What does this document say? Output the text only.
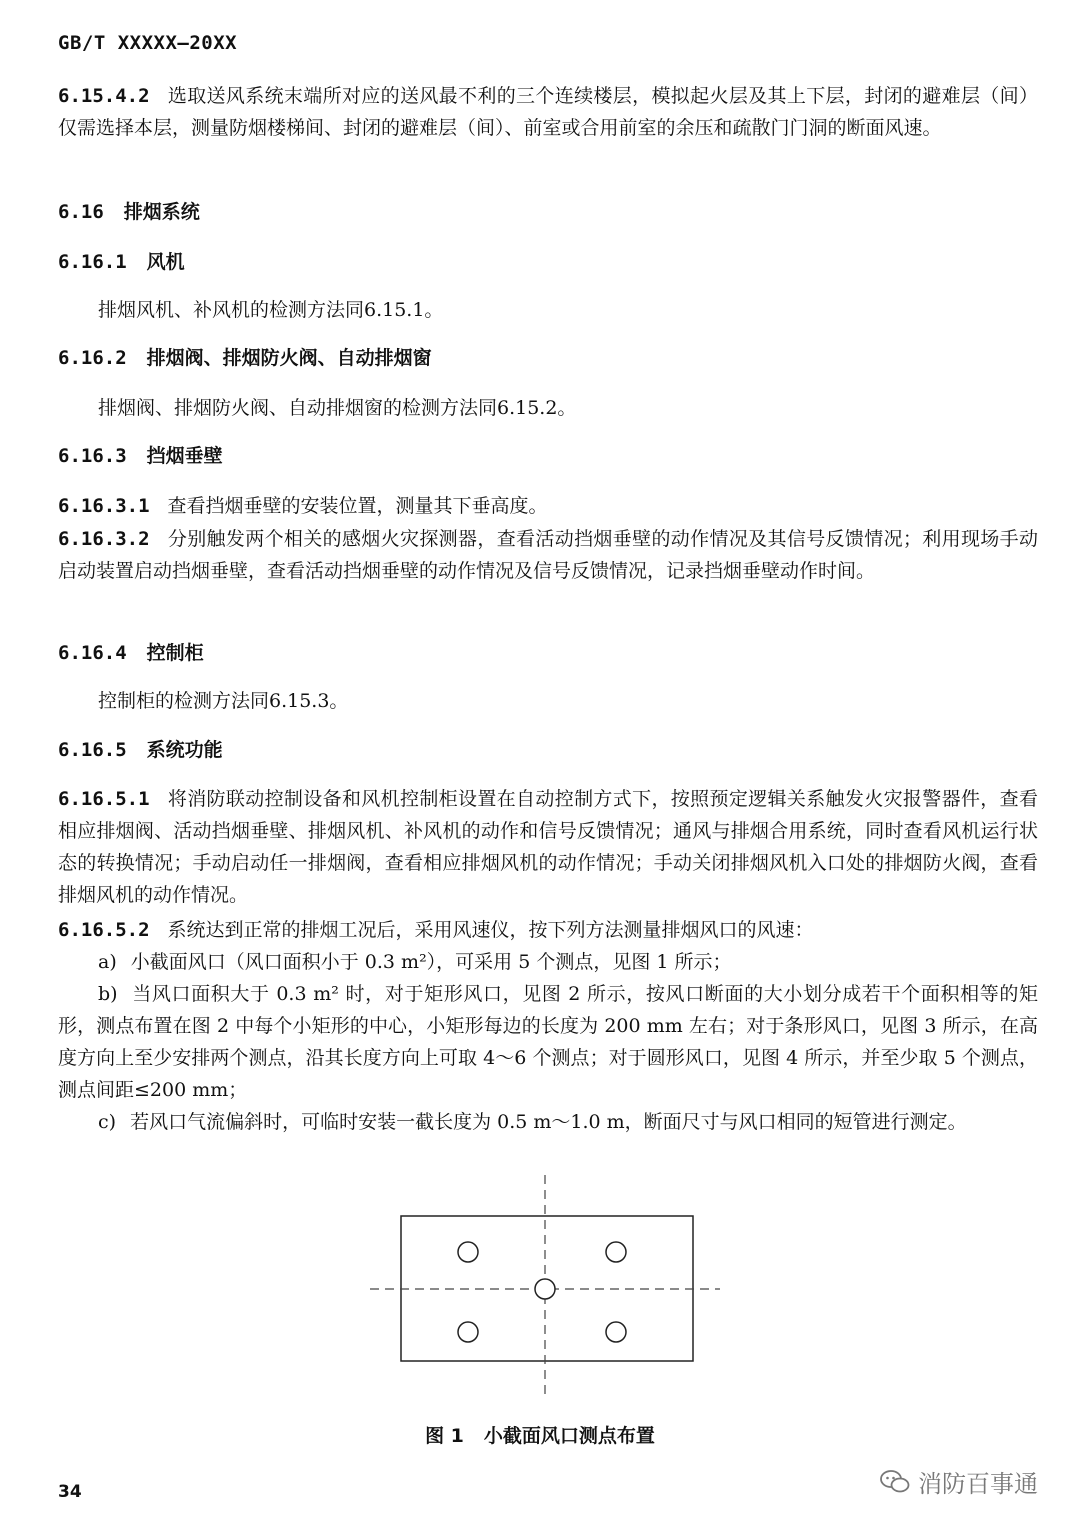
GB/T XXXXX—20XX
6.15.4.2 选取送风系统末端所对应的送风最不利的三个连续楼层，模拟起火层及其上下层，封闭的避难层（间）仅需选择本层，测量防烟楼梯间、封闭的避难层（间）、前室或合用前室的余压和疏散门门洞的断面风速。
6.16 排烟系统
6.16.1 风机
排烟风机、补风机的检测方法同6.15.1。
6.16.2 排烟阀、排烟防火阀、自动排烟窗
排烟阀、排烟防火阀、自动排烟窗的检测方法同6.15.2。
6.16.3 挡烟垂壁
6.16.3.1 查看挡烟垂壁的安装位置，测量其下垂高度。
6.16.3.2 分别触发两个相关的感烟火灾探测器，查看活动挡烟垂壁的动作情况及其信号反馈情况；利用现场手动启动装置启动挡烟垂壁，查看活动挡烟垂壁的动作情况及信号反馈情况，记录挡烟垂壁动作时间。
6.16.4 控制柜
控制柜的检测方法同6.15.3。
6.16.5 系统功能
6.16.5.1 将消防联动控制设备和风机控制柜设置在自动控制方式下，按照预定逻辑关系触发火灾报警器件，查看相应排烟阀、活动挡烟垂壁、排烟风机、补风机的动作和信号反馈情况；通风与排烟合用系统，同时查看风机运行状态的转换情况；手动启动任一排烟阀，查看相应排烟风机的动作情况；手动关闭排烟风机入口处的排烟防火阀，查看排烟风机的动作情况。
6.16.5.2 系统达到正常的排烟工况后，采用风速仪，按下列方法测量排烟风口的风速：
a) 小截面风口（风口面积小于 0.3 m²），可采用 5 个测点，见图 1 所示；
b) 当风口面积大于 0.3 m² 时，对于矩形风口，见图 2 所示，按风口断面的大小划分成若干个面积相等的矩形，测点布置在图 2 中每个小矩形的中心，小矩形每边的长度为 200 mm 左右；对于条形风口，见图 3 所示，在高度方向上至少安排两个测点，沿其长度方向上可取 4～6 个测点；对于圆形风口，见图 4 所示，并至少取 5 个测点，测点间距≤200 mm；
c) 若风口气流偏斜时，可临时安装一截长度为 0.5 m～1.0 m，断面尺寸与风口相同的短管进行测定。
图 1 小截面风口测点布置
34	消防百事通
